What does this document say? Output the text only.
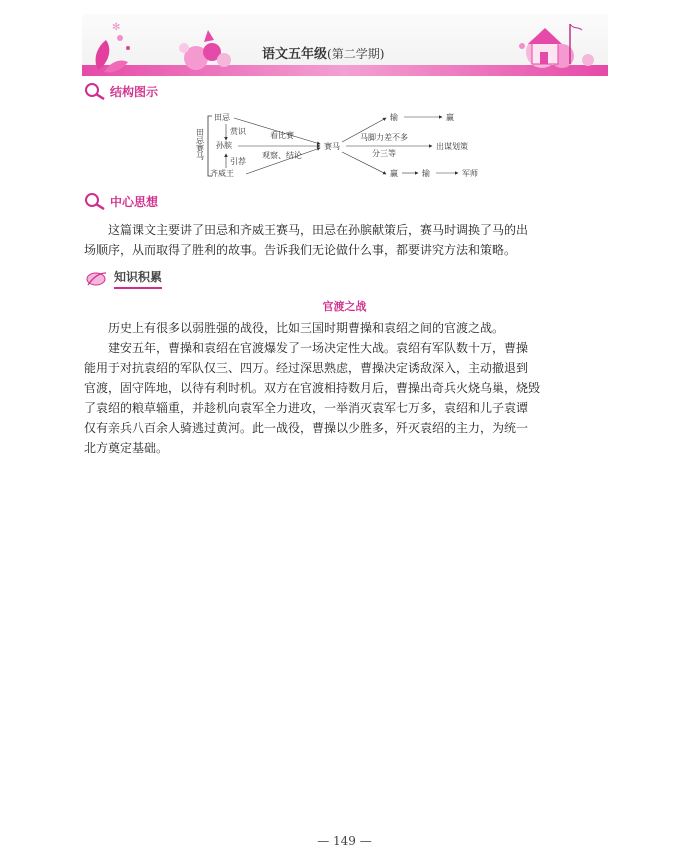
✻
语文五年级(第二学期)
结构图示
田忌赛马
田忌
孙膑
齐威王
赏识
引荐
看比赛
观察、结论
赛马
输	赢
马脚力差不多
分三等
出谋划策
赢	输	军师
中心思想
这篇课文主要讲了田忌和齐威王赛马，田忌在孙膑献策后，赛马时调换了马的出
场顺序，从而取得了胜利的故事。告诉我们无论做什么事，都要讲究方法和策略。
知识积累
官渡之战
历史上有很多以弱胜强的战役，比如三国时期曹操和袁绍之间的官渡之战。
建安五年，曹操和袁绍在官渡爆发了一场决定性大战。袁绍有军队数十万，曹操
能用于对抗袁绍的军队仅三、四万。经过深思熟虑，曹操决定诱敌深入，主动撤退到
官渡，固守阵地，以待有利时机。双方在官渡相持数月后，曹操出奇兵火烧乌巢，烧毁
了袁绍的粮草辎重，并趁机向袁军全力进攻，一举消灭袁军七万多，袁绍和儿子袁谭
仅有亲兵八百余人骑逃过黄河。此一战役，曹操以少胜多，歼灭袁绍的主力，为统一
北方奠定基础。
— 149 —
